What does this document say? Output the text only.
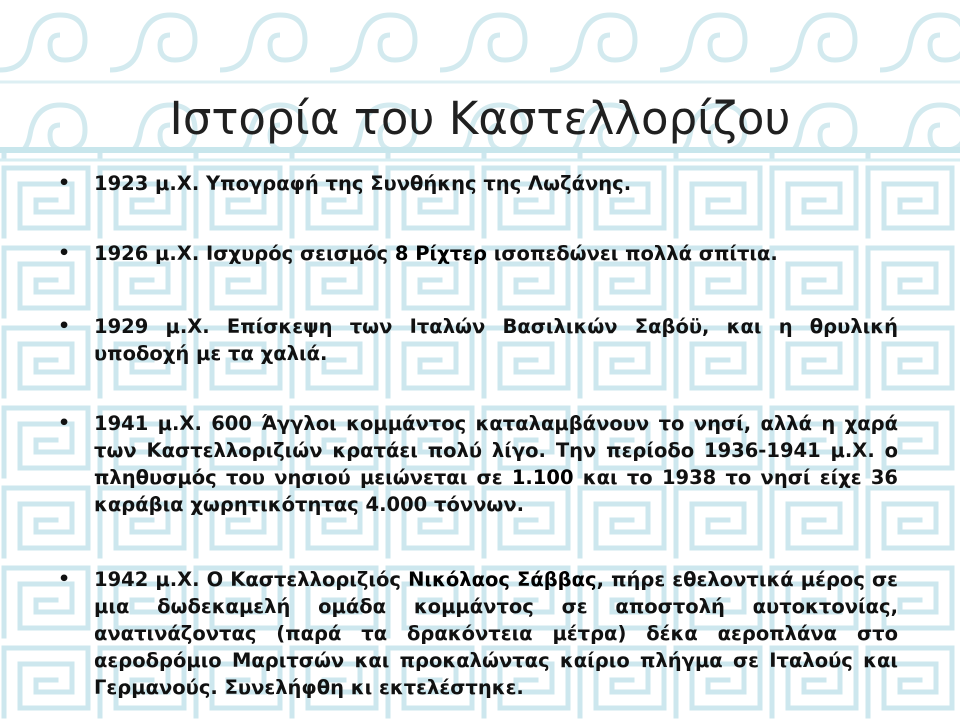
Ιστορία του Καστελλορίζου
•	1923 μ.Χ. Υπογραφή της Συνθήκης της Λωζάνης.
•	1926 μ.Χ. Ισχυρός σεισμός 8 Ρίχτερ ισοπεδώνει πολλά σπίτια.
•	1929 μ.Χ. Επίσκεψη των Ιταλών Βασιλικών Σαβόϋ, και η θρυλική υποδοχή με τα χαλιά.
•	1941 μ.Χ. 600 Άγγλοι κομμάντος καταλαμβάνουν το νησί, αλλά η χαρά των Καστελλοριζιών κρατάει πολύ λίγο. Την περίοδο 1936-1941 μ.Χ. ο πληθυσμός του νησιού μειώνεται σε 1.100 και το 1938 το νησί είχε 36 καράβια χωρητικότητας 4.000 τόννων.
•	1942 μ.Χ. Ο Καστελλοριζιός Νικόλαος Σάββας, πήρε εθελοντικά μέρος σε μια δωδεκαμελή ομάδα κομμάντος σε αποστολή αυτοκτονίας, ανατινάζοντας (παρά τα δρακόντεια μέτρα) δέκα αεροπλάνα στο αεροδρόμιο Μαριτσών και προκαλώντας καίριο πλήγμα σε Ιταλούς και Γερμανούς. Συνελήφθη κι εκτελέστηκε.
